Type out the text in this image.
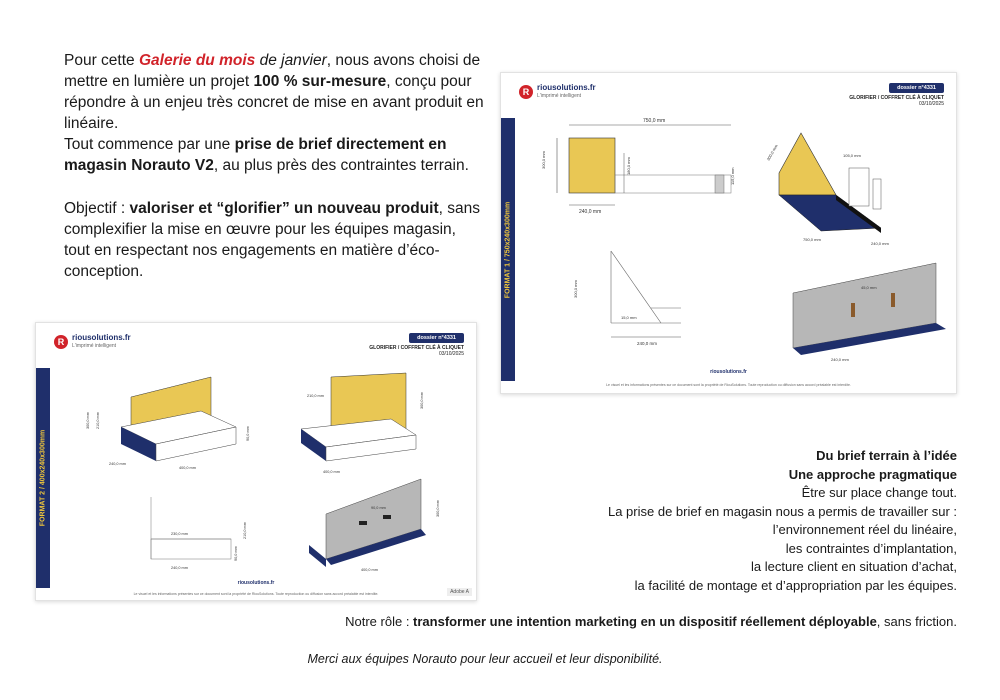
Pour cette Galerie du mois de janvier, nous avons choisi de mettre en lumière un projet 100 % sur-mesure, conçu pour répondre à un enjeu très concret de mise en avant produit en linéaire.

Tout commence par une prise de brief directement en magasin Norauto V2, au plus près des contraintes terrain.

Objectif : valoriser et “glorifier” un nouveau produit, sans complexifier la mise en œuvre pour les équipes magasin, tout en respectant nos engagements en matière d’éco-conception.	FORMAT 1 / 750x240x300mm
R riousolutions.fr
L'imprimé intelligent
dossier n°4331
GLORIFIER / COFFRET CLÉ À CLIQUET
03/10/2025
750,0 mm
300,0 mm	180,0 mm
115,0 mm
240,0 mm
300,0 mm	105,0 mm
750,0 mm
240,0 mm
300,0 mm
15,0 mm
240,0 mm
45,0 mm
240,0 mm
riousolutions.fr
Le visuel et les informations présentes sur ce document sont la propriété de RiouSolutions. Toute reproduction ou diffusion sans accord préalable est interdite.
FORMAT 2 / 400x240x300mm
R riousolutions.fr
L'imprimé intelligent
dossier n°4331
GLORIFIER / COFFRET CLÉ À CLIQUET
03/10/2025
300,0 mm 210,0 mm
240,0 mm
400,0 mm
90,0 mm
210,0 mm
400,0 mm
300,0 mm
230,0 mm
240,0 mm
210,0 mm
90,0 mm
90,0 mm
400,0 mm
300,0 mm
riousolutions.fr
Le visuel et les informations présentes sur ce document sont la propriété de RiouSolutions. Toute reproduction ou diffusion sans accord préalable est interdite.	Adobe A
Du brief terrain à l’idée
Une approche pragmatique
Être sur place change tout.
La prise de brief en magasin nous a permis de travailler sur :
l’environnement réel du linéaire,
les contraintes d’implantation,
la lecture client en situation d’achat,
la facilité de montage et d’appropriation par les équipes.
Notre rôle : transformer une intention marketing en un dispositif réellement déployable, sans friction.
Merci aux équipes Norauto pour leur accueil et leur disponibilité.
